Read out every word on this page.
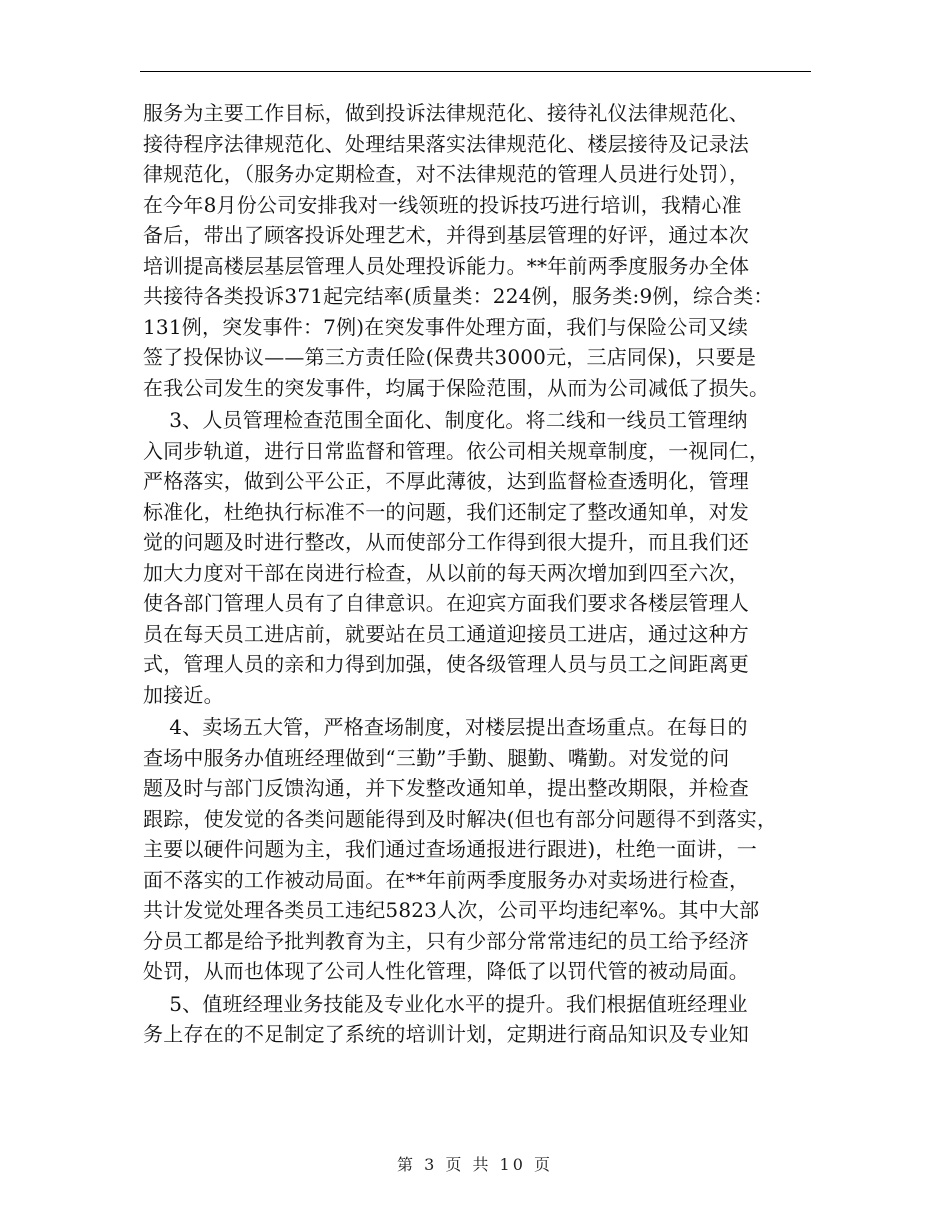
服务为主要工作目标，做到投诉法律规范化、接待礼仪法律规范化、
接待程序法律规范化、处理结果落实法律规范化、楼层接待及记录法
律规范化，（服务办定期检查，对不法律规范的管理人员进行处罚），
在今年8月份公司安排我对一线领班的投诉技巧进行培训，我精心准
备后，带出了顾客投诉处理艺术，并得到基层管理的好评，通过本次
培训提高楼层基层管理人员处理投诉能力。**年前两季度服务办全体
共接待各类投诉371起完结率(质量类：224例，服务类:9例，综合类：
131例，突发事件：7例)在突发事件处理方面，我们与保险公司又续
签了投保协议——第三方责任险(保费共3000元，三店同保)，只要是
在我公司发生的突发事件，均属于保险范围，从而为公司减低了损失。
3、人员管理检查范围全面化、制度化。将二线和一线员工管理纳
入同步轨道，进行日常监督和管理。依公司相关规章制度，一视同仁，
严格落实，做到公平公正，不厚此薄彼，达到监督检查透明化，管理
标准化，杜绝执行标准不一的问题，我们还制定了整改通知单，对发
觉的问题及时进行整改，从而使部分工作得到很大提升，而且我们还
加大力度对干部在岗进行检查，从以前的每天两次增加到四至六次，
使各部门管理人员有了自律意识。在迎宾方面我们要求各楼层管理人
员在每天员工进店前，就要站在员工通道迎接员工进店，通过这种方
式，管理人员的亲和力得到加强，使各级管理人员与员工之间距离更
加接近。
4、卖场五大管，严格查场制度，对楼层提出查场重点。在每日的
查场中服务办值班经理做到“三勤”手勤、腿勤、嘴勤。对发觉的问
题及时与部门反馈沟通，并下发整改通知单，提出整改期限，并检查
跟踪，使发觉的各类问题能得到及时解决(但也有部分问题得不到落实，
主要以硬件问题为主，我们通过查场通报进行跟进)，杜绝一面讲，一
面不落实的工作被动局面。在**年前两季度服务办对卖场进行检查，
共计发觉处理各类员工违纪5823人次，公司平均违纪率%。其中大部
分员工都是给予批判教育为主，只有少部分常常违纪的员工给予经济
处罚，从而也体现了公司人性化管理，降低了以罚代管的被动局面。
5、值班经理业务技能及专业化水平的提升。我们根据值班经理业
务上存在的不足制定了系统的培训计划，定期进行商品知识及专业知
第 3 页 共 10 页
